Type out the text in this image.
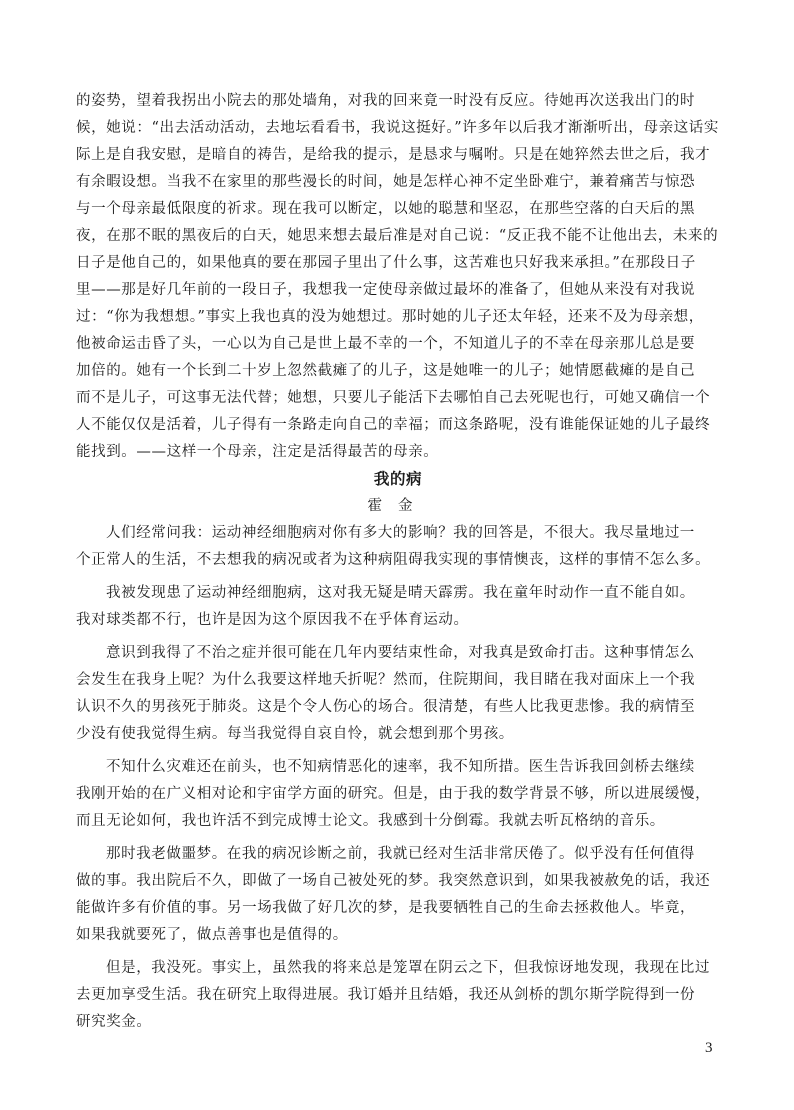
的姿势，望着我拐出小院去的那处墙角，对我的回来竟一时没有反应。待她再次送我出门的时
候，她说：“出去活动活动，去地坛看看书，我说这挺好。”许多年以后我才渐渐听出，母亲这话实
际上是自我安慰，是暗自的祷告，是给我的提示，是恳求与嘱咐。只是在她猝然去世之后，我才
有余暇设想。当我不在家里的那些漫长的时间，她是怎样心神不定坐卧难宁，兼着痛苦与惊恐
与一个母亲最低限度的祈求。现在我可以断定，以她的聪慧和坚忍，在那些空落的白天后的黑
夜，在那不眠的黑夜后的白天，她思来想去最后准是对自己说：“反正我不能不让他出去，未来的
日子是他自己的，如果他真的要在那园子里出了什么事，这苦难也只好我来承担。”在那段日子
里——那是好几年前的一段日子，我想我一定使母亲做过最坏的准备了，但她从来没有对我说
过：“你为我想想。”事实上我也真的没为她想过。那时她的儿子还太年轻，还来不及为母亲想，
他被命运击昏了头，一心以为自己是世上最不幸的一个，不知道儿子的不幸在母亲那儿总是要
加倍的。她有一个长到二十岁上忽然截瘫了的儿子，这是她唯一的儿子；她情愿截瘫的是自己
而不是儿子，可这事无法代替；她想，只要儿子能活下去哪怕自己去死呢也行，可她又确信一个
人不能仅仅是活着，儿子得有一条路走向自己的幸福；而这条路呢，没有谁能保证她的儿子最终
能找到。——这样一个母亲，注定是活得最苦的母亲。
我的病
霍金
人们经常问我：运动神经细胞病对你有多大的影响？我的回答是，不很大。我尽量地过一
个正常人的生活，不去想我的病况或者为这种病阻碍我实现的事情懊丧，这样的事情不怎么多。
我被发现患了运动神经细胞病，这对我无疑是晴天霹雳。我在童年时动作一直不能自如。
我对球类都不行，也许是因为这个原因我不在乎体育运动。
意识到我得了不治之症并很可能在几年内要结束性命，对我真是致命打击。这种事情怎么
会发生在我身上呢？为什么我要这样地夭折呢？然而，住院期间，我目睹在我对面床上一个我
认识不久的男孩死于肺炎。这是个令人伤心的场合。很清楚，有些人比我更悲惨。我的病情至
少没有使我觉得生病。每当我觉得自哀自怜，就会想到那个男孩。
不知什么灾难还在前头，也不知病情恶化的速率，我不知所措。医生告诉我回剑桥去继续
我刚开始的在广义相对论和宇宙学方面的研究。但是，由于我的数学背景不够，所以进展缓慢，
而且无论如何，我也许活不到完成博士论文。我感到十分倒霉。我就去听瓦格纳的音乐。
那时我老做噩梦。在我的病况诊断之前，我就已经对生活非常厌倦了。似乎没有任何值得
做的事。我出院后不久，即做了一场自己被处死的梦。我突然意识到，如果我被赦免的话，我还
能做许多有价值的事。另一场我做了好几次的梦，是我要牺牲自己的生命去拯救他人。毕竟，
如果我就要死了，做点善事也是值得的。
但是，我没死。事实上，虽然我的将来总是笼罩在阴云之下，但我惊讶地发现，我现在比过
去更加享受生活。我在研究上取得进展。我订婚并且结婚，我还从剑桥的凯尔斯学院得到一份
研究奖金。
3
